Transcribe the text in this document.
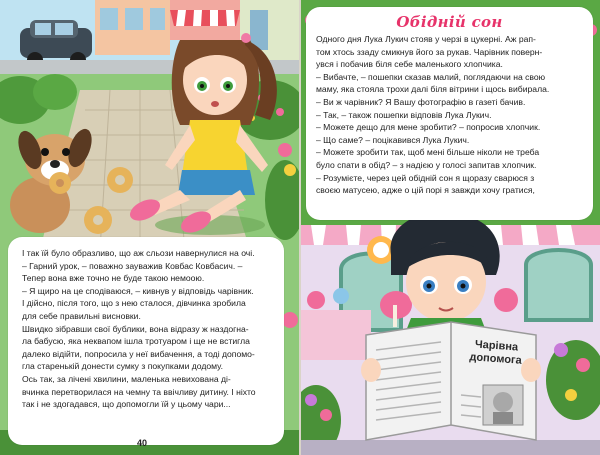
I так їй було образливо, що аж сльози навернулися на очі.

– Гарний урок, – поважно зауважив Ковбас Ковбасич. –

Тепер вона вже точно не буде такою немоою.

– Я щиро на це сподіваюся, – кивнув у відповідь чарівник.

І дійсно, після того, що з нею сталося, дівчинка зробила

для себе правильні висновки.

Швидко зібравши свої бублики, вона відразу ж наздогна-

ла бабусю, яка неквапом ішла тротуаром і ще не встигла

далеко відійти, попросила у неї вибачення, а тоді допомо-

гла старенькій донести сумку з покупками додому.

Ось так, за лічені хвилини, маленька невихована ді-

вчинка перетворилася на чемну та ввічливу дитину. І ніхто

так і не здогадався, що допомогли їй у цьому чари...

40
Чарівна
допомога
Обідній сон

Одного дня Лука Лукич стояв у черзі в цукерні. Аж рап-

том хтось ззаду смикнув його за рукав. Чарівник поверн-

увся і побачив біля себе маленького хлопчика.

– Вибачте, – пошепки сказав малий, поглядаючи на свою

маму, яка стояла трохи далі біля вітрини і щось вибирала.

– Ви ж чарівник? Я Вашу фотографію в газеті бачив.

– Так, – також пошепки відповів Лука Лукич.

– Можете дещо для мене зробити? – попросив хлопчик.

– Що саме? – поцікавився Лука Лукич.

– Можете зробити так, щоб мені більше ніколи не треба

було спати в обід? – з надією у голосі запитав хлопчик.

– Розумієте, через цей обідній сон я щоразу сварюся з

своєю матусею, адже о цій порі я завжди хочу гратися,
